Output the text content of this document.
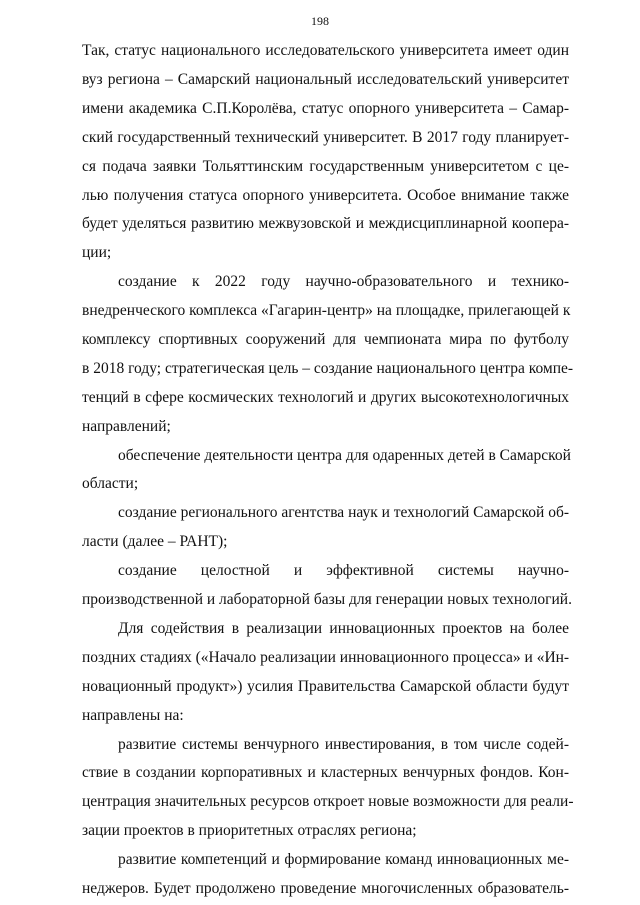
198
Так, статус национального исследовательского университета имеет один
вуз региона – Самарский национальный исследовательский университет
имени академика С.П.Королёва, статус опорного университета – Самар-
ский государственный технический университет. В 2017 году планирует-
ся подача заявки Тольяттинским государственным университетом с це-
лью получения статуса опорного университета. Особое внимание также
будет уделяться развитию межвузовской и междисциплинарной коопера-
ции;
создание к 2022 году научно-образовательного и технико-
внедренческого комплекса «Гагарин-центр» на площадке, прилегающей к
комплексу спортивных сооружений для чемпионата мира по футболу
в 2018 году; стратегическая цель – создание национального центра компе-
тенций в сфере космических технологий и других высокотехнологичных
направлений;
обеспечение деятельности центра для одаренных детей в Самарской
области;
создание регионального агентства наук и технологий Самарской об-
ласти (далее – РАНТ);
создание целостной и эффективной системы научно-
производственной и лабораторной базы для генерации новых технологий.
Для содействия в реализации инновационных проектов на более
поздних стадиях («Начало реализации инновационного процесса» и «Ин-
новационный продукт») усилия Правительства Самарской области будут
направлены на:
развитие системы венчурного инвестирования, в том числе содей-
ствие в создании корпоративных и кластерных венчурных фондов. Кон-
центрация значительных ресурсов откроет новые возможности для реали-
зации проектов в приоритетных отраслях региона;
развитие компетенций и формирование команд инновационных ме-
неджеров. Будет продолжено проведение многочисленных образователь-
